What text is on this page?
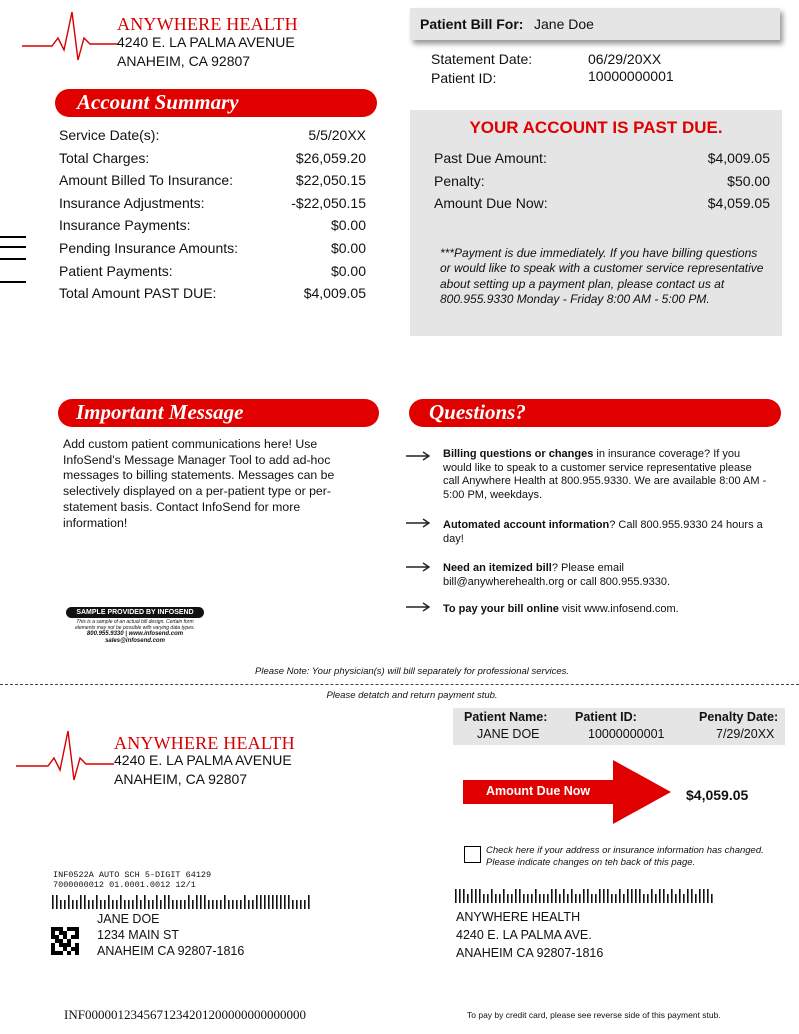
ANYWHERE HEALTH
4240 E. LA PALMA AVENUE
ANAHEIM, CA 92807
Patient Bill For: Jane Doe
Statement Date:	06/29/20XX
Patient ID:	10000000001
Account Summary
Service Date(s):	5/5/20XX
Total Charges:	$26,059.20
Amount Billed To Insurance:	$22,050.15
Insurance Adjustments:	-$22,050.15
Insurance Payments:	$0.00
Pending Insurance Amounts:	$0.00
Patient Payments:	$0.00
Total Amount PAST DUE:	$4,009.05
YOUR ACCOUNT IS PAST DUE.
Past Due Amount:	$4,009.05
Penalty:	$50.00
Amount Due Now:	$4,059.05
***Payment is due immediately. If you have billing questions or would like to speak with a customer service representative about setting up a payment plan, please contact us at 800.955.9330 Monday - Friday 8:00 AM - 5:00 PM.
Important Message
Add custom patient communications here! Use InfoSend's Message Manager Tool to add ad-hoc messages to billing statements. Messages can be selectively displayed on a per-patient type or per-statement basis. Contact InfoSend for more information!
Questions?
Billing questions or changes in insurance coverage? If you would like to speak to a customer service representative please call Anywhere Health at 800.955.9330. We are available 8:00 AM - 5:00 PM, weekdays.
Automated account information? Call 800.955.9330 24 hours a day!
Need an itemized bill? Please email bill@anywherehealth.org or call 800.955.9330.
To pay your bill online visit www.infosend.com.
SAMPLE PROVIDED BY INFOSEND
This is a sample of an actual bill design. Certain form
elements may not be possible with varying data types.
800.955.9330 | www.infosend.com
sales@infosend.com
Please Note: Your physician(s) will bill separately for professional services.
Please detatch and return payment stub.
ANYWHERE HEALTH
4240 E. LA PALMA AVENUE
ANAHEIM, CA 92807
Patient Name: Patient ID:	Penalty Date:
JANE DOE	10000000001	7/29/20XX
Amount Due Now	$4,059.05
Check here if your address or insurance information has changed.
Please indicate changes on teh back of this page.
INF0522A AUTO SCH 5-DIGIT 64129
7000000012 01.0001.0012 12/1
JANE DOE
1234 MAIN ST
ANAHEIM CA 92807-1816
ANYWHERE HEALTH
4240 E. LA PALMA AVE.
ANAHEIM CA 92807-1816
INF0000012345671234201200000000000000	To pay by credit card, please see reverse side of this payment stub.
